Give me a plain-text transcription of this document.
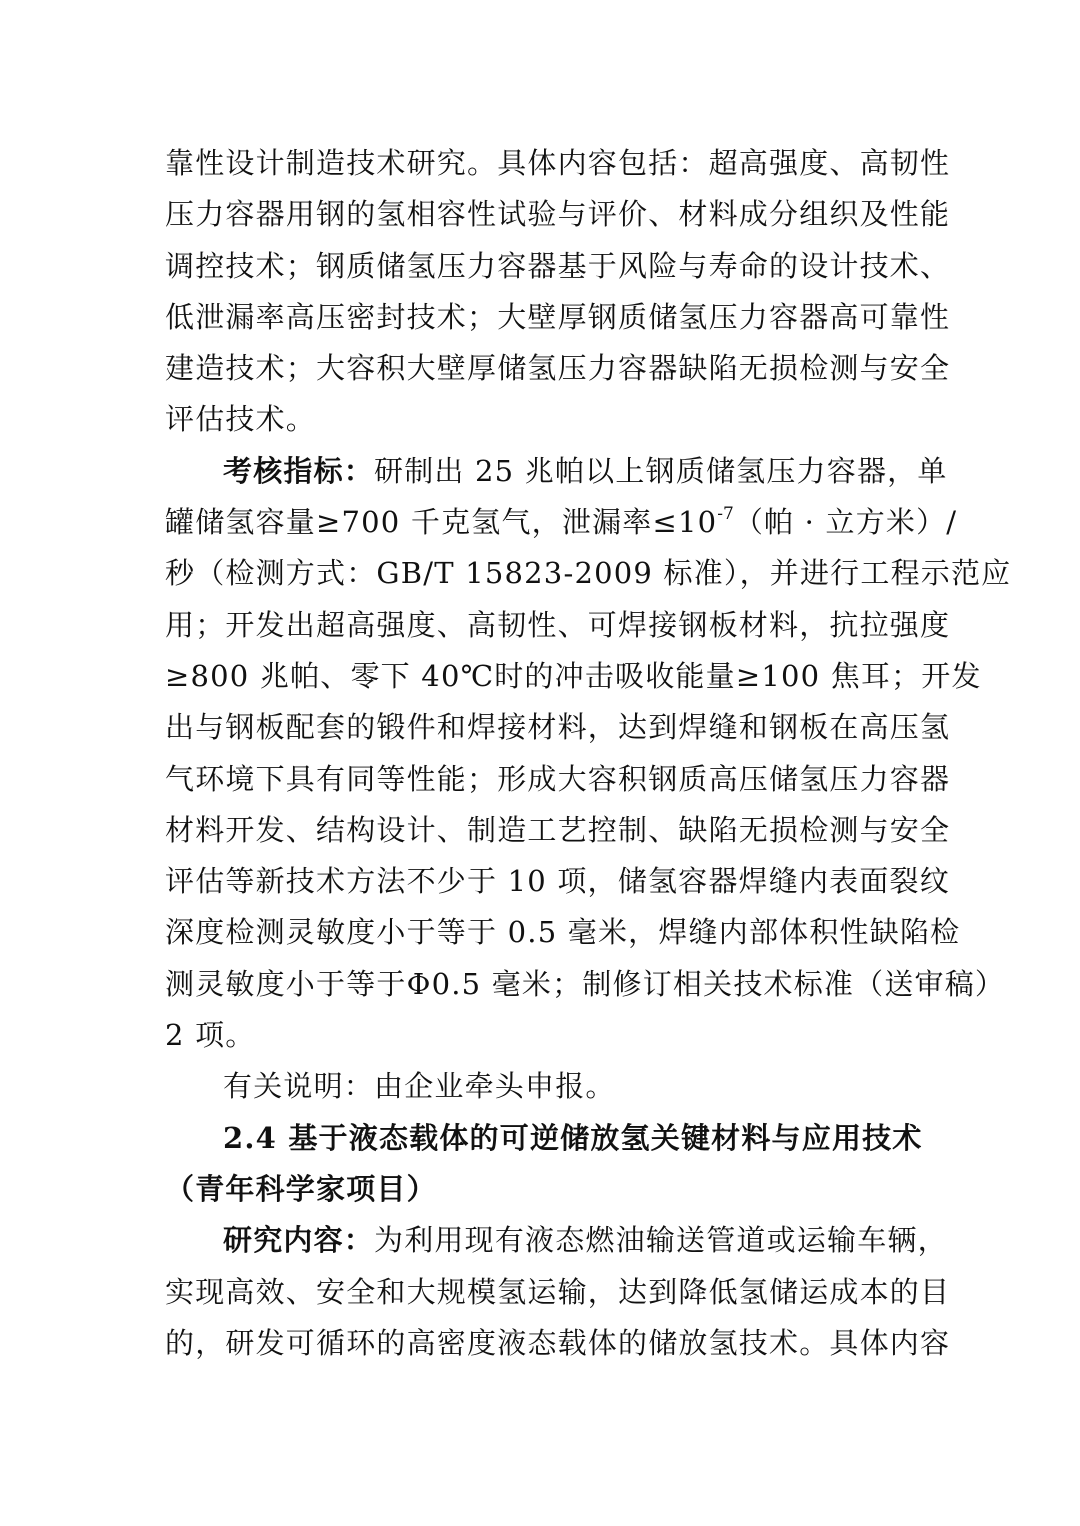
靠性设计制造技术研究。具体内容包括：超高强度、高韧性
压力容器用钢的氢相容性试验与评价、材料成分组织及性能
调控技术；钢质储氢压力容器基于风险与寿命的设计技术、
低泄漏率高压密封技术；大壁厚钢质储氢压力容器高可靠性
建造技术；大容积大壁厚储氢压力容器缺陷无损检测与安全
评估技术。
考核指标：研制出 25 兆帕以上钢质储氢压力容器，单
罐储氢容量≥700 千克氢气，泄漏率$\le 10^{-7}$（帕 · 立方米）/
秒（检测方式：GB/T 15823-2009 标准），并进行工程示范应
用；开发出超高强度、高韧性、可焊接钢板材料，抗拉强度
≥800 兆帕、零下 40℃时的冲击吸收能量≥100 焦耳；开发
出与钢板配套的锻件和焊接材料，达到焊缝和钢板在高压氢
气环境下具有同等性能；形成大容积钢质高压储氢压力容器
材料开发、结构设计、制造工艺控制、缺陷无损检测与安全
评估等新技术方法不少于 10 项，储氢容器焊缝内表面裂纹
深度检测灵敏度小于等于 0.5 毫米，焊缝内部体积性缺陷检
测灵敏度小于等于Φ0.5 毫米；制修订相关技术标准（送审稿）
2 项。
有关说明：由企业牵头申报。
2.4 基于液态载体的可逆储放氢关键材料与应用技术
（青年科学家项目）
研究内容：为利用现有液态燃油输送管道或运输车辆，
实现高效、安全和大规模氢运输，达到降低氢储运成本的目
的，研发可循环的高密度液态载体的储放氢技术。具体内容
